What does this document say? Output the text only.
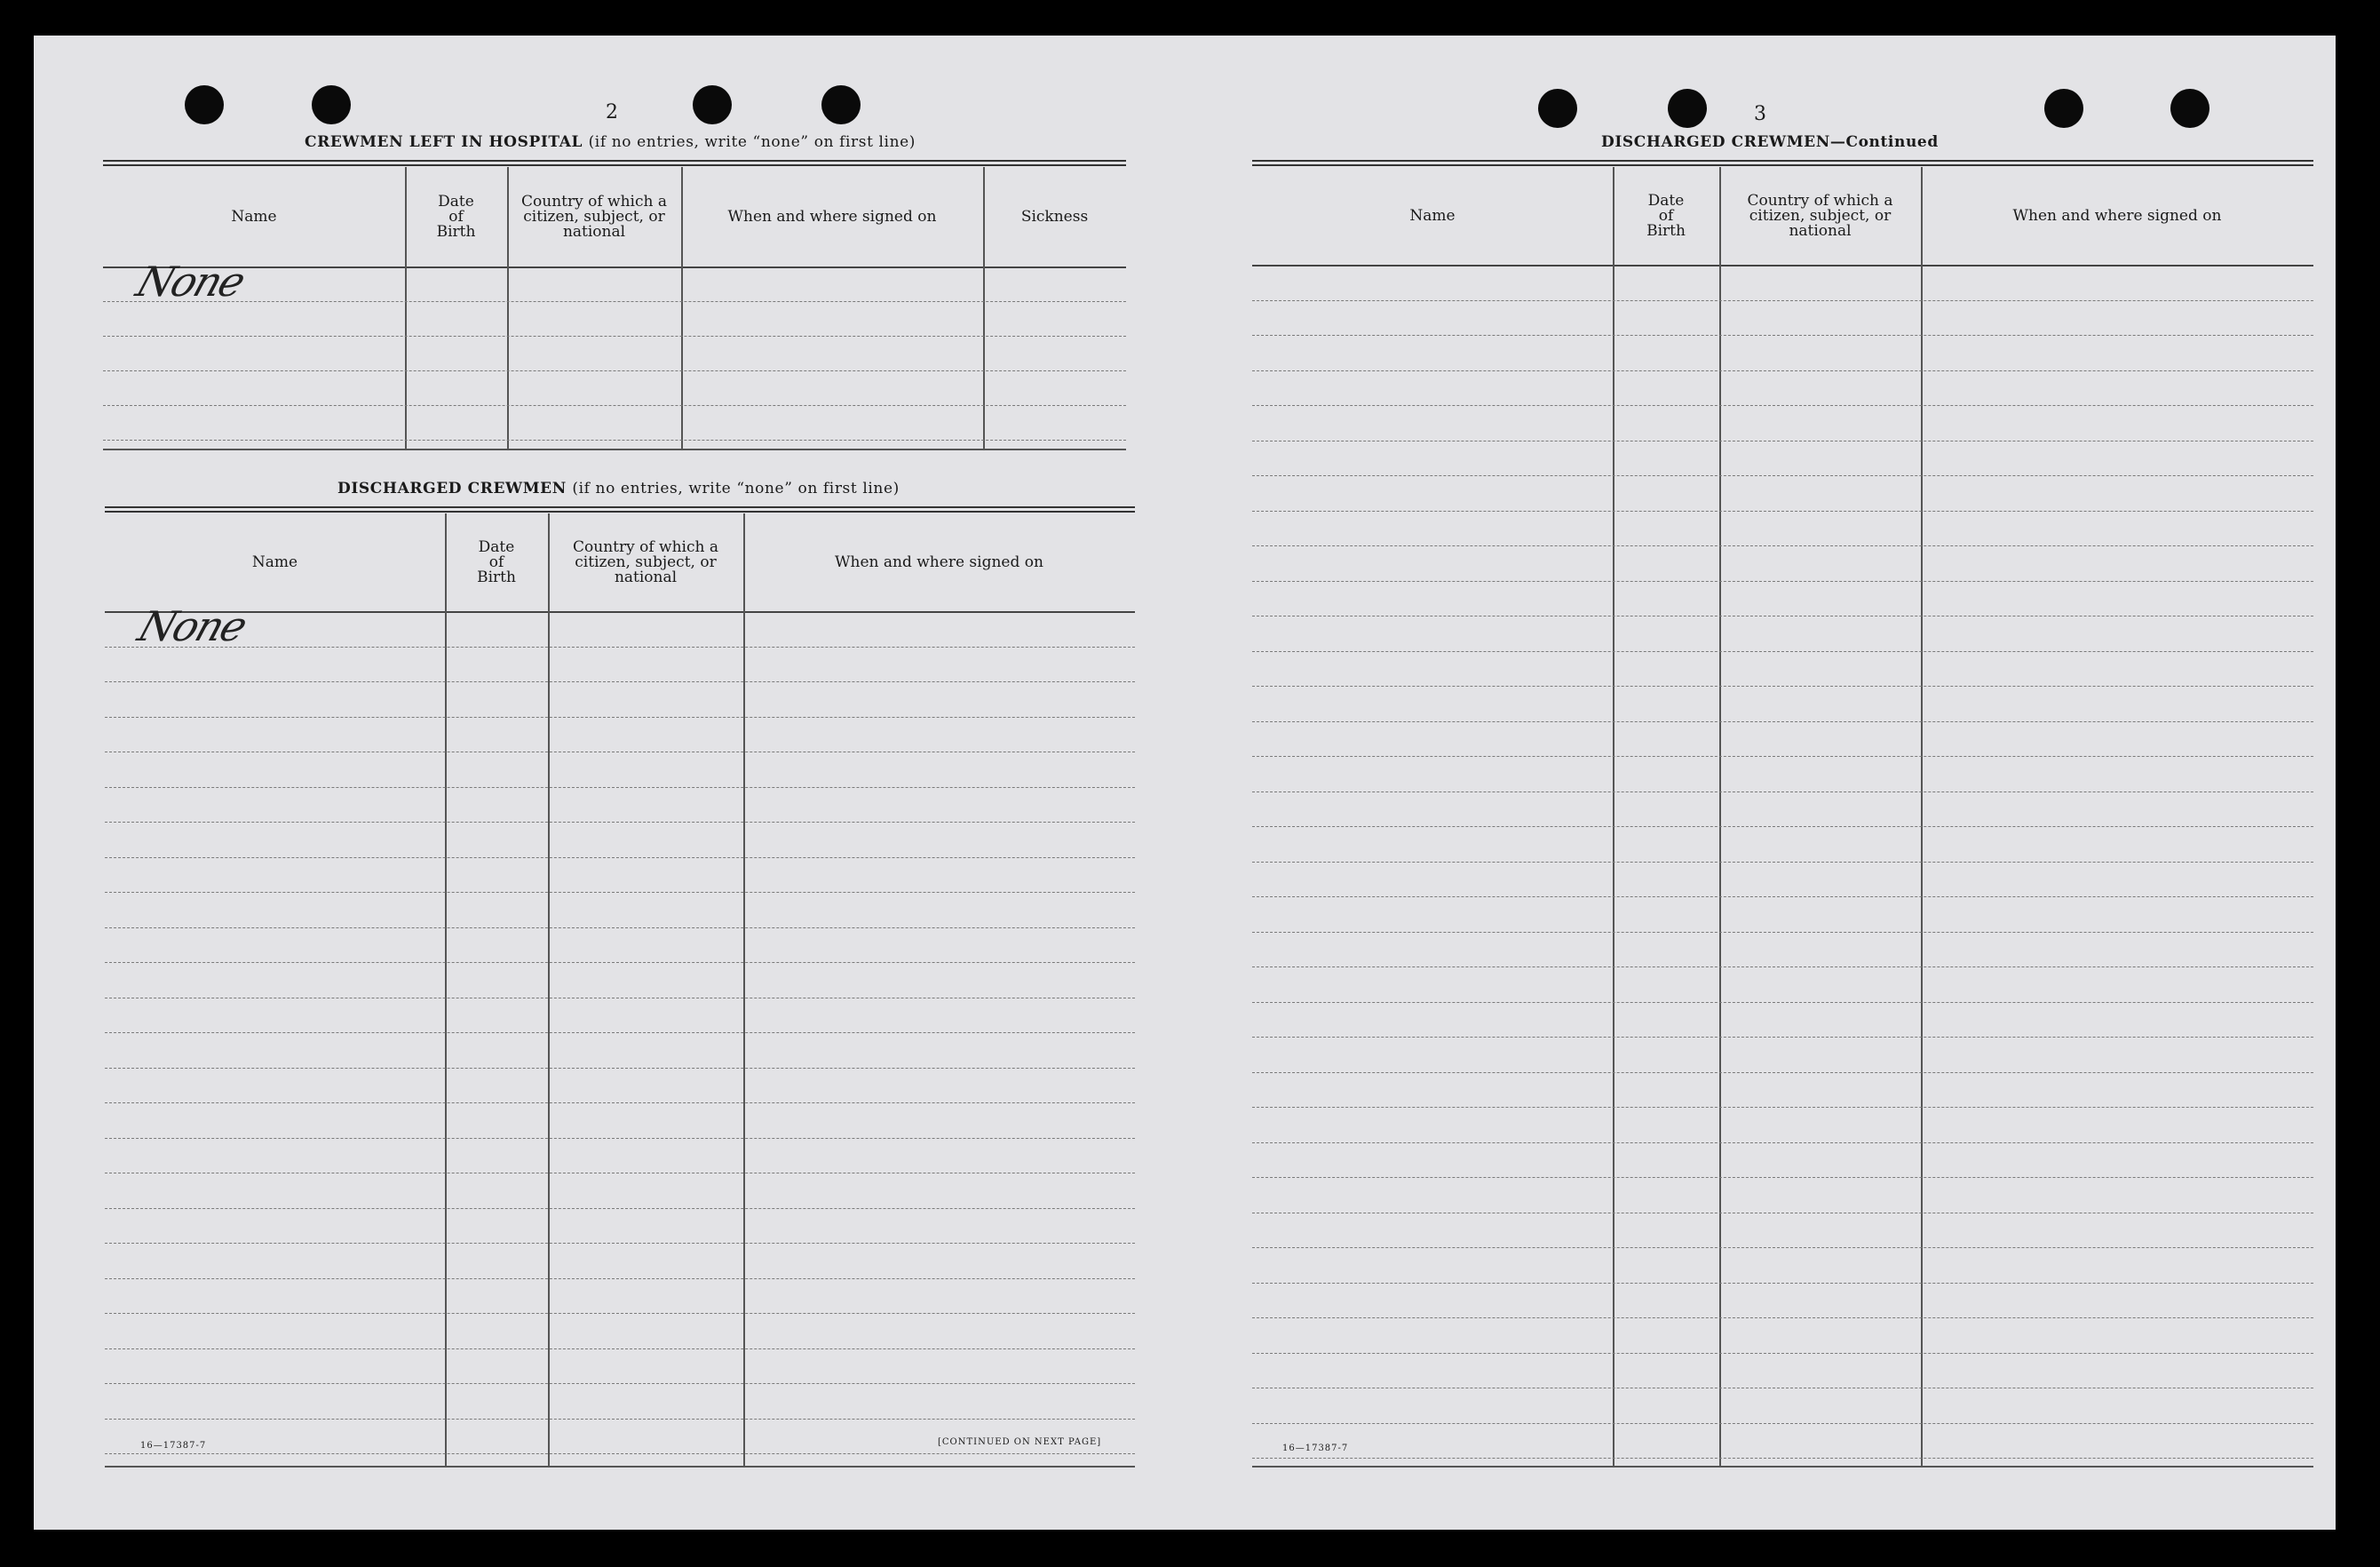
2
CREWMEN LEFT IN HOSPITAL (if no entries, write “none” on first line)
Name
Date
of
Birth
Country of which a
citizen, subject, or
national
When and where signed on	Sickness
None
DISCHARGED CREWMEN (if no entries, write “none” on first line)
Name
Date
of
Birth
Country of which a
citizen, subject, or
national
When and where signed on
None
16—17387-7	[CONTINUED ON NEXT PAGE]
3
DISCHARGED CREWMEN—Continued
Name
Date
of
Birth
Country of which a
citizen, subject, or
national
When and where signed on
16—17387-7
